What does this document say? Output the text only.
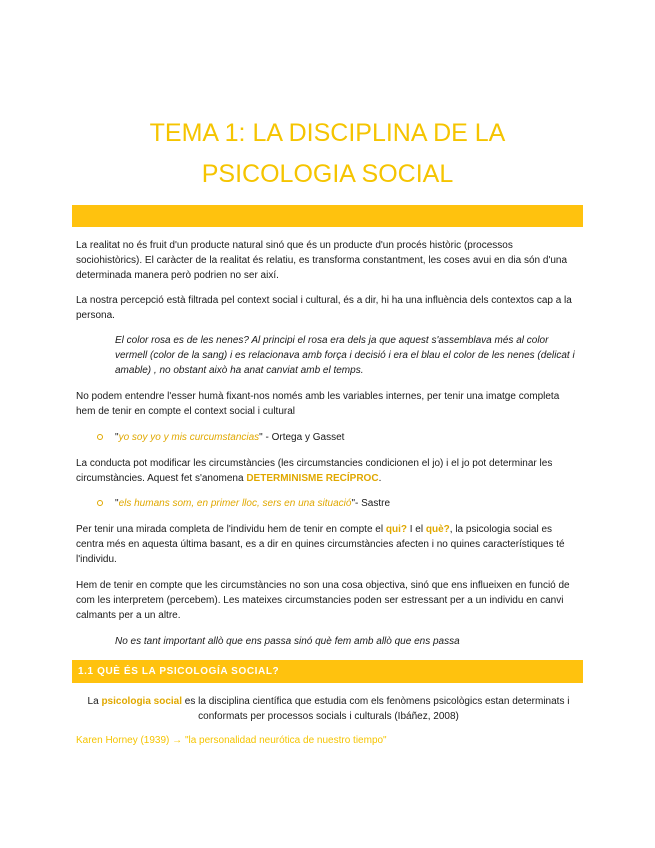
TEMA 1: LA DISCIPLINA DE LA
PSICOLOGIA SOCIAL
La realitat no és fruit d'un producte natural sinó que és un producte d'un procés històric (processos sociohistòrics). El caràcter de la realitat és relatiu, es transforma constantment, les coses avui en dia són d'una determinada manera però podrien no ser així.
La nostra percepció està filtrada pel context social i cultural, és a dir, hi ha una influència dels contextos cap a la persona.
El color rosa es de les nenes? Al principi el rosa era dels ja que aquest s'assemblava més al color vermell (color de la sang) i es relacionava amb força i decisió i era el blau el color de les nenes (delicat i amable) , no obstant això ha anat canviat amb el temps.
No podem entendre l'esser humà fixant-nos només amb les variables internes, per tenir una imatge completa hem de tenir en compte el context social i cultural
"yo soy yo y mis curcumstancias" - Ortega y Gasset
La conducta pot modificar les circumstàncies (les circumstancies condicionen el jo) i el jo pot determinar les circumstàncies. Aquest fet s'anomena DETERMINISME RECÍPROC.
"els humans som, en primer lloc, sers en una situació"- Sastre
Per tenir una mirada completa de l'individu hem de tenir en compte el qui? I el què?, la psicologia social es centra més en aquesta última basant, es a dir en quines circumstàncies afecten i no quines característiques té l'individu.
Hem de tenir en compte que les circumstàncies no son una cosa objectiva, sinó que ens influeixen en funció de com les interpretem (percebem). Les mateixes circumstancies poden ser estressant per a un individu en canvi calmants per a un altre.
No es tant important allò que ens passa sinó què fem amb allò que ens passa
1.1 QUÈ ÉS LA PSICOLOGÍA SOCIAL?
La psicologia social es la disciplina científica que estudia com els fenòmens psicològics estan determinats i conformats per processos socials i culturals (Ibáñez, 2008)
Karen Horney (1939) → "la personalidad neurótica de nuestro tiempo"
